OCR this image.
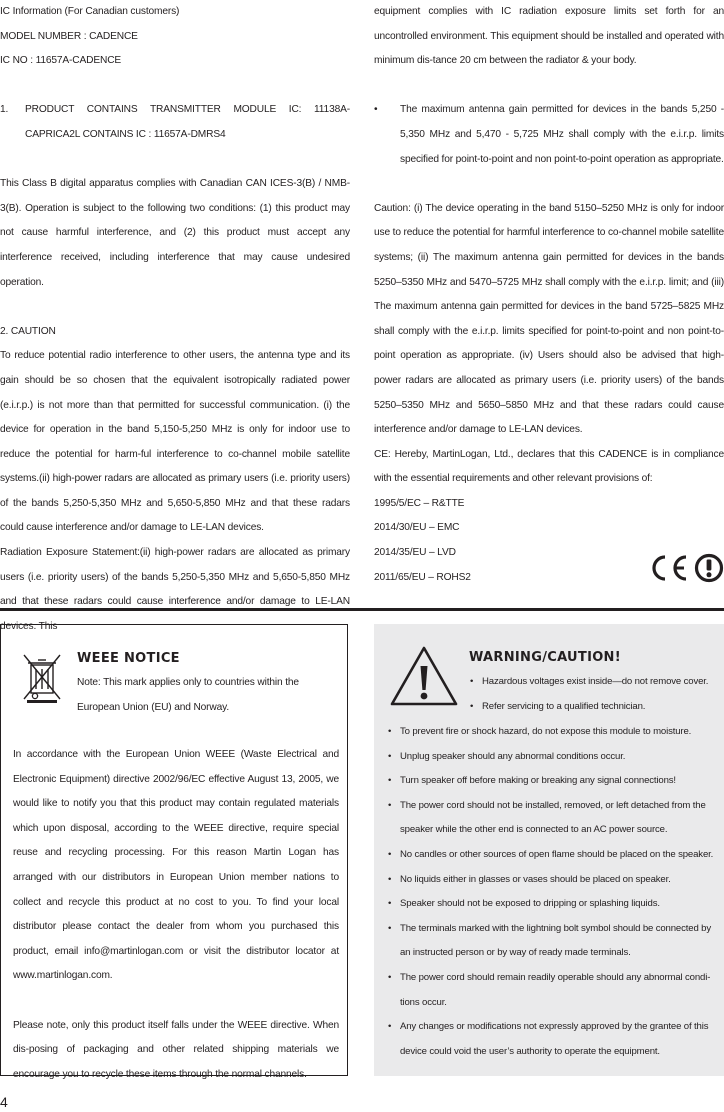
IC Information (For Canadian customers)

MODEL NUMBER : CADENCE

IC NO : 11657A-CADENCE

1.	PRODUCT CONTAINS TRANSMITTER MODULE IC: 11138A-CAPRICA2L CONTAINS IC : 11657A-DMRS4

This Class B digital apparatus complies with Canadian CAN ICES-3(B) / NMB-3(B). Operation is subject to the following two conditions: (1) this product may not cause harmful interference, and (2) this product must accept any interference received, including interference that may cause undesired operation.

2. CAUTION

To reduce potential radio interference to other users, the antenna type and its gain should be so chosen that the equivalent isotropically radiated power (e.i.r.p.) is not more than that permitted for successful communication. (i) the device for operation in the band 5,150-5,250 MHz is only for indoor use to reduce the potential for harm-ful interference to co-channel mobile satellite systems.(ii) high-power radars are allocated as primary users (i.e. priority users) of the bands 5,250-5,350 MHz and 5,650-5,850 MHz and that these radars could cause interference and/or damage to LE-LAN devices.

Radiation Exposure Statement:(ii) high-power radars are allocated as primary users (i.e. priority users) of the bands 5,250-5,350 MHz and 5,650-5,850 MHz and that these radars could cause interference and/or damage to LE-LAN devices. This

equipment complies with IC radiation exposure limits set forth for an uncontrolled environment. This equipment should be installed and operated with minimum dis-tance 20 cm between the radiator & your body.

•	The maximum antenna gain permitted for devices in the bands 5,250 - 5,350 MHz and 5,470 - 5,725 MHz shall comply with the e.i.r.p. limits specified for point-to-point and non point-to-point operation as appropriate.

Caution: (i) The device operating in the band 5150–5250 MHz is only for indoor use to reduce the potential for harmful interference to co-channel mobile satellite systems; (ii) The maximum antenna gain permitted for devices in the bands 5250–5350 MHz and 5470–5725 MHz shall comply with the e.i.r.p. limit; and (iii) The maximum antenna gain permitted for devices in the band 5725–5825 MHz shall comply with the e.i.r.p. limits specified for point-to-point and non point-to-point operation as appropriate. (iv) Users should also be advised that high-power radars are allocated as primary users (i.e. priority users) of the bands 5250–5350 MHz and 5650–5850 MHz and that these radars could cause interference and/or damage to LE-LAN devices.

CE: Hereby, MartinLogan, Ltd., declares that this CADENCE is in compliance with the essential requirements and other relevant provisions of:

1995/5/EC – R&TTE

2014/30/EU – EMC

2014/35/EU – LVD

2011/65/EU – ROHS2

WEEE NOTICE
Note: This mark applies only to countries within the European Union (EU) and Norway.

In accordance with the European Union WEEE (Waste Electrical and Electronic Equipment) directive 2002/96/EC effective August 13, 2005, we would like to notify you that this product may contain regulated materials which upon disposal, according to the WEEE directive, require special reuse and recycling processing. For this reason Martin Logan has arranged with our distributors in European Union member nations to collect and recycle this product at no cost to you. To find your local distributor please contact the dealer from whom you purchased this product, email info@martinlogan.com or visit the distributor locator at www.martinlogan.com.

Please note, only this product itself falls under the WEEE directive. When dis-posing of packaging and other related shipping materials we encourage you to recycle these items through the normal channels.

WARNING/CAUTION!
• Hazardous voltages exist inside—do not remove cover.
• Refer servicing to a qualified technician.
• To prevent fire or shock hazard, do not expose this module to moisture.
• Unplug speaker should any abnormal conditions occur.
• Turn speaker off before making or breaking any signal connections!
• The power cord should not be installed, removed, or left detached from the speaker while the other end is connected to an AC power source.
• No candles or other sources of open flame should be placed on the speaker.
• No liquids either in glasses or vases should be placed on speaker.
• Speaker should not be exposed to dripping or splashing liquids.
• The terminals marked with the lightning bolt symbol should be connected by an instructed person or by way of ready made terminals.
• The power cord should remain readily operable should any abnormal condi-tions occur.
• Any changes or modifications not expressly approved by the grantee of this device could void the user’s authority to operate the equipment.
4
